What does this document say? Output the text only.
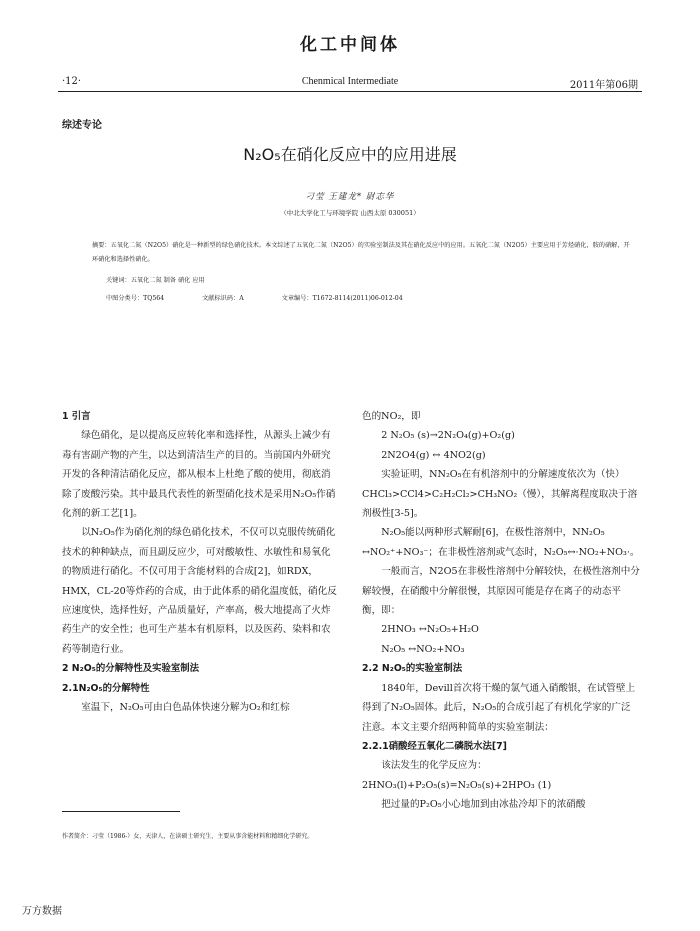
化工中间体
·12·	Chenmical Intermediate	2011年第06期
综述专论
N₂O₅在硝化反应中的应用进展
刁莹 王建龙* 尉志华
（中北大学化工与环境学院 山西太原 030051）
摘要：五氧化二氮（N2O5）硝化是一种新型的绿色硝化技术。本文综述了五氧化二氮（N2O5）的实验室制法及其在硝化反应中的应用。五氧化二氮（N2O5）主要应用于芳烃硝化，胺的硝解，开环硝化和选择性硝化。
关键词：五氧化二氮 制备 硝化 应用
中图分类号：TQ564	文献标识码：A	文章编号：T1672-8114(2011)06-012-04

1 引言

绿色硝化，是以提高反应转化率和选择性，从源头上减少有毒有害副产物的产生，以达到清洁生产的目的。当前国内外研究开发的各种清洁硝化反应，都从根本上杜绝了酸的使用，彻底消除了废酸污染。其中最具代表性的新型硝化技术是采用N₂O₅作硝化剂的新工艺[1]。

以N₂O₅作为硝化剂的绿色硝化技术，不仅可以克服传统硝化技术的种种缺点，而且副反应少，可对酸敏性、水敏性和易氧化的物质进行硝化。不仅可用于含能材料的合成[2]，如RDX，HMX，CL-20等炸药的合成，由于此体系的硝化温度低，硝化反应速度快，选择性好，产品质量好，产率高，极大地提高了火炸药生产的安全性；也可生产基本有机原料，以及医药、染料和农药等制造行业。

2 N₂O₅的分解特性及实验室制法

2.1N₂O₅的分解特性

室温下，N₂O₅可由白色晶体快速分解为O₂和红棕

色的NO₂，即

2 N₂O₅ (s)→2N₂O₄(g)+O₂(g)

2N2O4(g) ↔ 4NO2(g)

实验证明，NN₂O₅在有机溶剂中的分解速度依次为（快）CHCl₃>CCl4>C₂H₂Cl₂>CH₃NO₂（慢），其解离程度取决于溶剂极性[3-5]。

N₂O₅能以两种形式解耐[6]，在极性溶剂中，NN₂O₅ ↔NO₂⁺+NO₃⁻；在非极性溶剂或气态时，N₂O₅↔·NO₂+NO₃·。

一般而言，N2O5在非极性溶剂中分解较快，在极性溶剂中分解较慢，在硝酸中分解很慢，其原因可能是存在离子的动态平衡，即：

2HNO₃ ↔N₂O₅+H₂O

N₂O₅ ↔NO₂+NO₃

2.2 N₂O₅的实验室制法

1840年，Devill首次将干燥的氯气通入硝酸银，在试管壁上得到了N₂O₅固体。此后，N₂O₅的合成引起了有机化学家的广泛注意。本文主要介绍两种简单的实验室制法：

2.2.1硝酸经五氧化二磷脱水法[7]

该法发生的化学反应为：2HNO₃(l)+P₂O₅(s)=N₂O₅(s)+2HPO₃ (1)

把过量的P₂O₅小心地加到由冰盐冷却下的浓硝酸

作者简介：刁莹（1986-）女，天津人，在读硕士研究生，主要从事含能材料和精细化学研究。
万方数据
